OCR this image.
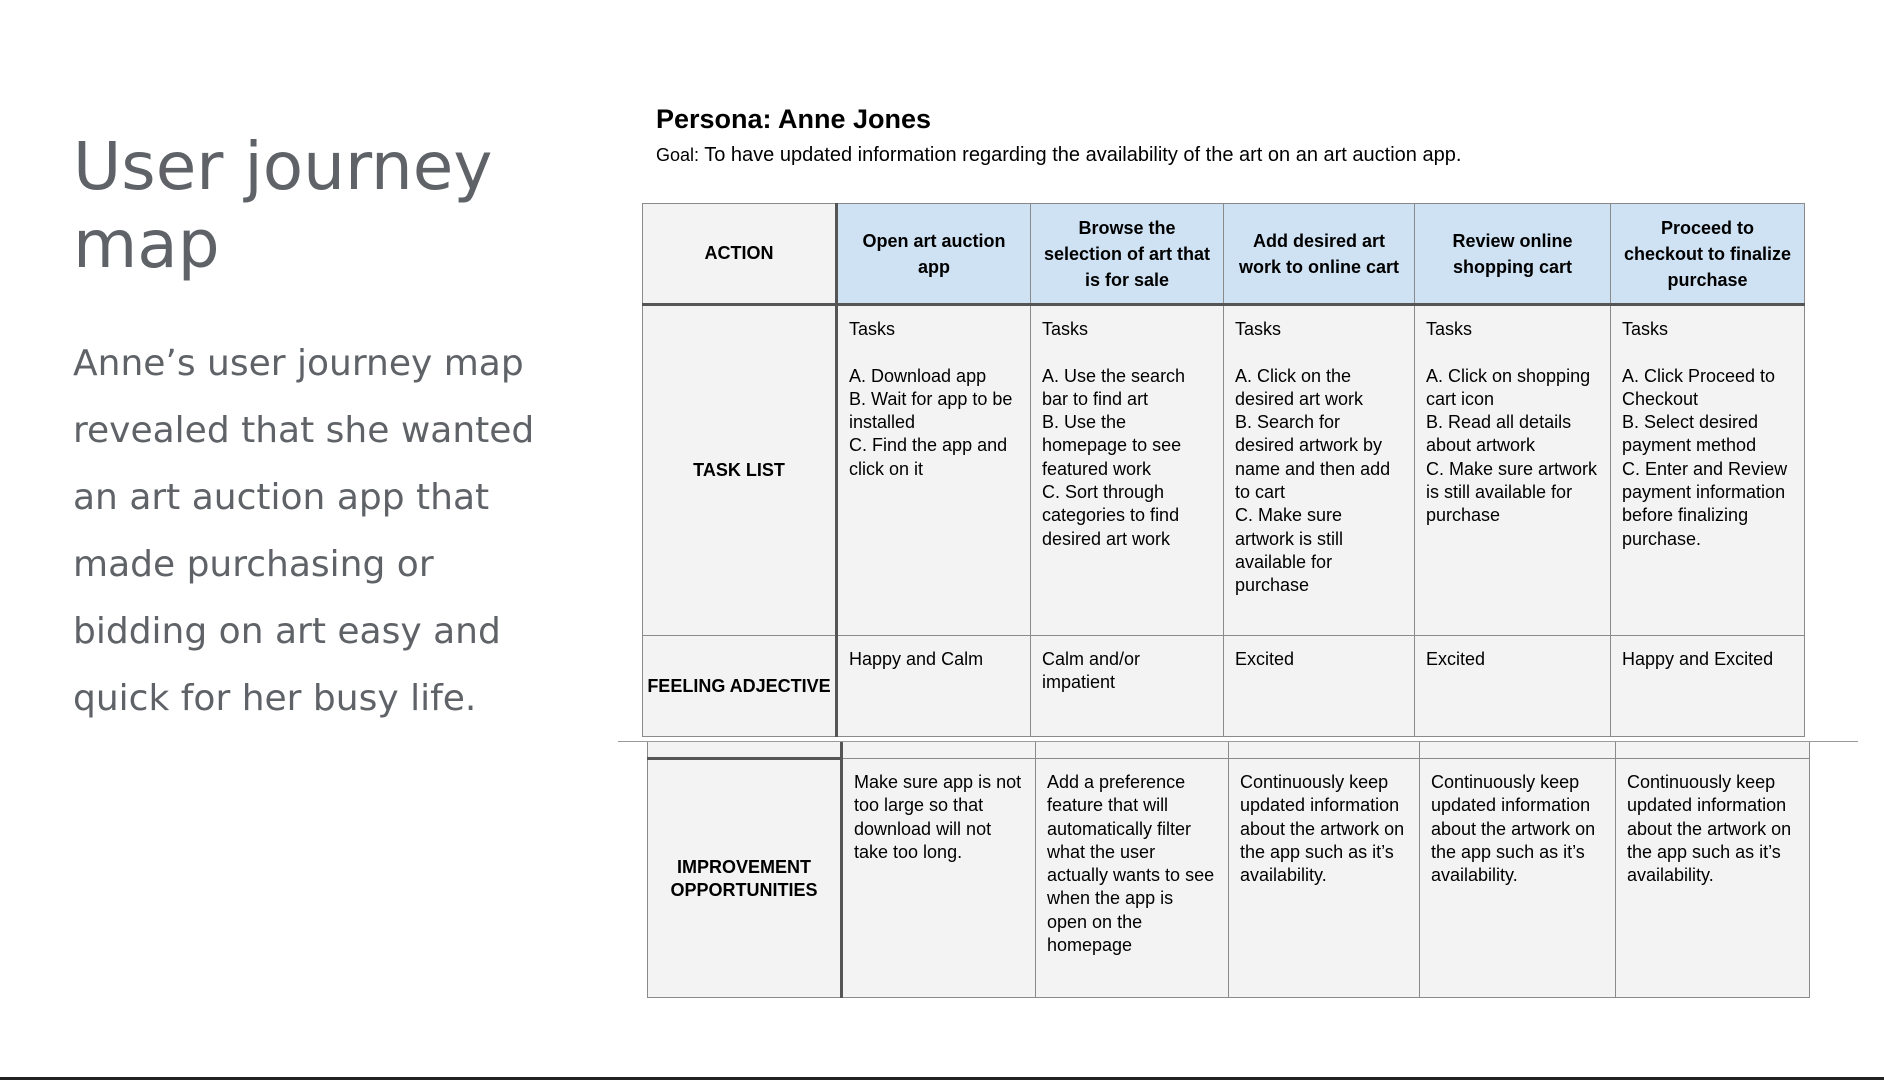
User journey map

Anne’s user journey map revealed that she wanted an art auction app that made purchasing or bidding on art easy and quick for her busy life.

Persona: Anne Jones
Goal: To have updated information regarding the availability of the art on an art auction app.
ACTION	Open art auction app	Browse the selection of art that is for sale	Add desired art work to online cart	Review online shopping cart	Proceed to checkout to finalize purchase
TASK LIST	Tasks

A. Download app
B. Wait for app to be installed
C. Find the app and click on it	Tasks

A. Use the search bar to find art
B. Use the homepage to see featured work
C. Sort through categories to find desired art work	Tasks

A. Click on the desired art work
B. Search for desired artwork by name and then add to cart
C. Make sure artwork is still available for purchase	Tasks

A. Click on shopping cart icon
B. Read all details about artwork
C. Make sure artwork is still available for purchase	Tasks

A. Click Proceed to Checkout
B. Select desired payment method
C. Enter and Review payment information before finalizing purchase.
FEELING ADJECTIVE	Happy and Calm	Calm and/or impatient	Excited	Excited	Happy and Excited

IMPROVEMENT OPPORTUNITIES	Make sure app is not too large so that download will not take too long.	Add a preference feature that will automatically filter what the user actually wants to see when the app is open on the homepage	Continuously keep updated information about the artwork on the app such as it’s availability.	Continuously keep updated information about the artwork on the app such as it’s availability.	Continuously keep updated information about the artwork on the app such as it’s availability.
